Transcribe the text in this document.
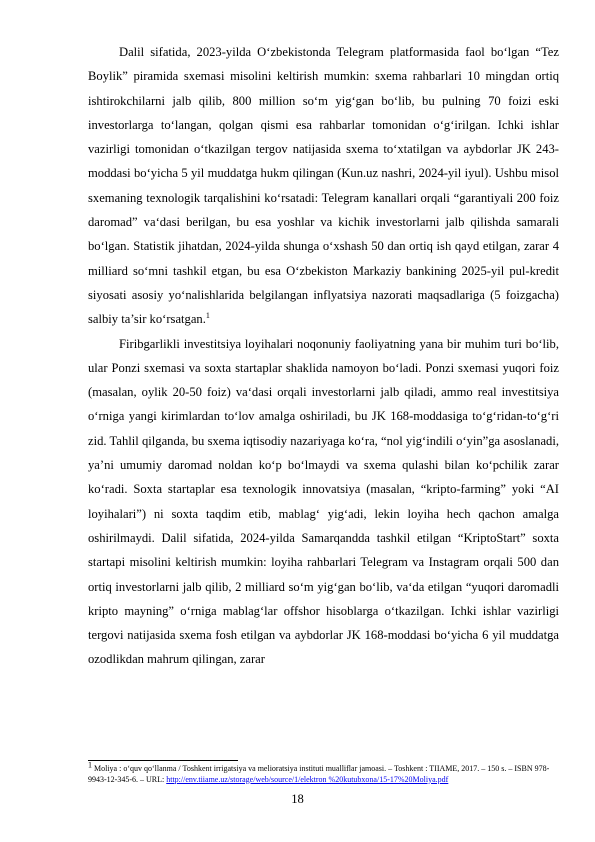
Dalil sifatida, 2023-yilda O‘zbekistonda Telegram platformasida faol bo‘lgan “Tez Boylik” piramida sxemasi misolini keltirish mumkin: sxema rahbarlari 10 mingdan ortiq ishtirokchilarni jalb qilib, 800 million so‘m yig‘gan bo‘lib, bu pulning 70 foizi eski investorlarga to‘langan, qolgan qismi esa rahbarlar tomonidan o‘g‘irilgan. Ichki ishlar vazirligi tomonidan o‘tkazilgan tergov natijasida sxema to‘xtatilgan va aybdorlar JK 243-moddasi bo‘yicha 5 yil muddatga hukm qilingan (Kun.uz nashri, 2024-yil iyul). Ushbu misol sxemaning texnologik tarqalishini ko‘rsatadi: Telegram kanallari orqali “garantiyali 200 foiz daromad” va‘dasi berilgan, bu esa yoshlar va kichik investorlarni jalb qilishda samarali bo‘lgan. Statistik jihatdan, 2024-yilda shunga o‘xshash 50 dan ortiq ish qayd etilgan, zarar 4 milliard so‘mni tashkil etgan, bu esa O‘zbekiston Markaziy bankining 2025-yil pul-kredit siyosati asosiy yo‘nalishlarida belgilangan inflyatsiya nazorati maqsadlariga (5 foizgacha) salbiy ta’sir ko‘rsatgan.$^1$

Firibgarlikli investitsiya loyihalari noqonuniy faoliyatning yana bir muhim turi bo‘lib, ular Ponzi sxemasi va soxta startaplar shaklida namoyon bo‘ladi. Ponzi sxemasi yuqori foiz (masalan, oylik 20-50 foiz) va‘dasi orqali investorlarni jalb qiladi, ammo real investitsiya o‘rniga yangi kirimlardan to‘lov amalga oshiriladi, bu JK 168-moddasiga to‘g‘ridan-to‘g‘ri zid. Tahlil qilganda, bu sxema iqtisodiy nazariyaga ko‘ra, “nol yig‘indili o‘yin”ga asoslanadi, ya’ni umumiy daromad noldan ko‘p bo‘lmaydi va sxema qulashi bilan ko‘pchilik zarar ko‘radi. Soxta startaplar esa texnologik innovatsiya (masalan, “kripto-farming” yoki “AI loyihalari”) ni soxta taqdim etib, mablag‘ yig‘adi, lekin loyiha hech qachon amalga oshirilmaydi. Dalil sifatida, 2024-yilda Samarqandda tashkil etilgan “KriptoStart” soxta startapi misolini keltirish mumkin: loyiha rahbarlari Telegram va Instagram orqali 500 dan ortiq investorlarni jalb qilib, 2 milliard so‘m yig‘gan bo‘lib, va‘da etilgan “yuqori daromadli kripto mayning” o‘rniga mablag‘lar offshor hisoblarga o‘tkazilgan. Ichki ishlar vazirligi tergovi natijasida sxema fosh etilgan va aybdorlar JK 168-moddasi bo‘yicha 6 yil muddatga ozodlikdan mahrum qilingan, zarar

$^1$ Moliya : o‘quv qo‘llanma / Toshkent irrigatsiya va melioratsiya instituti mualliflar jamoasi. – Toshkent : TIIAME, 2017. – 150 s. – ISBN 978-9943-12-345-6. – URL: http://env.tiiame.uz/storage/web/source/1/elektron %20kutubxona/15-17%20Moliya.pdf
18
